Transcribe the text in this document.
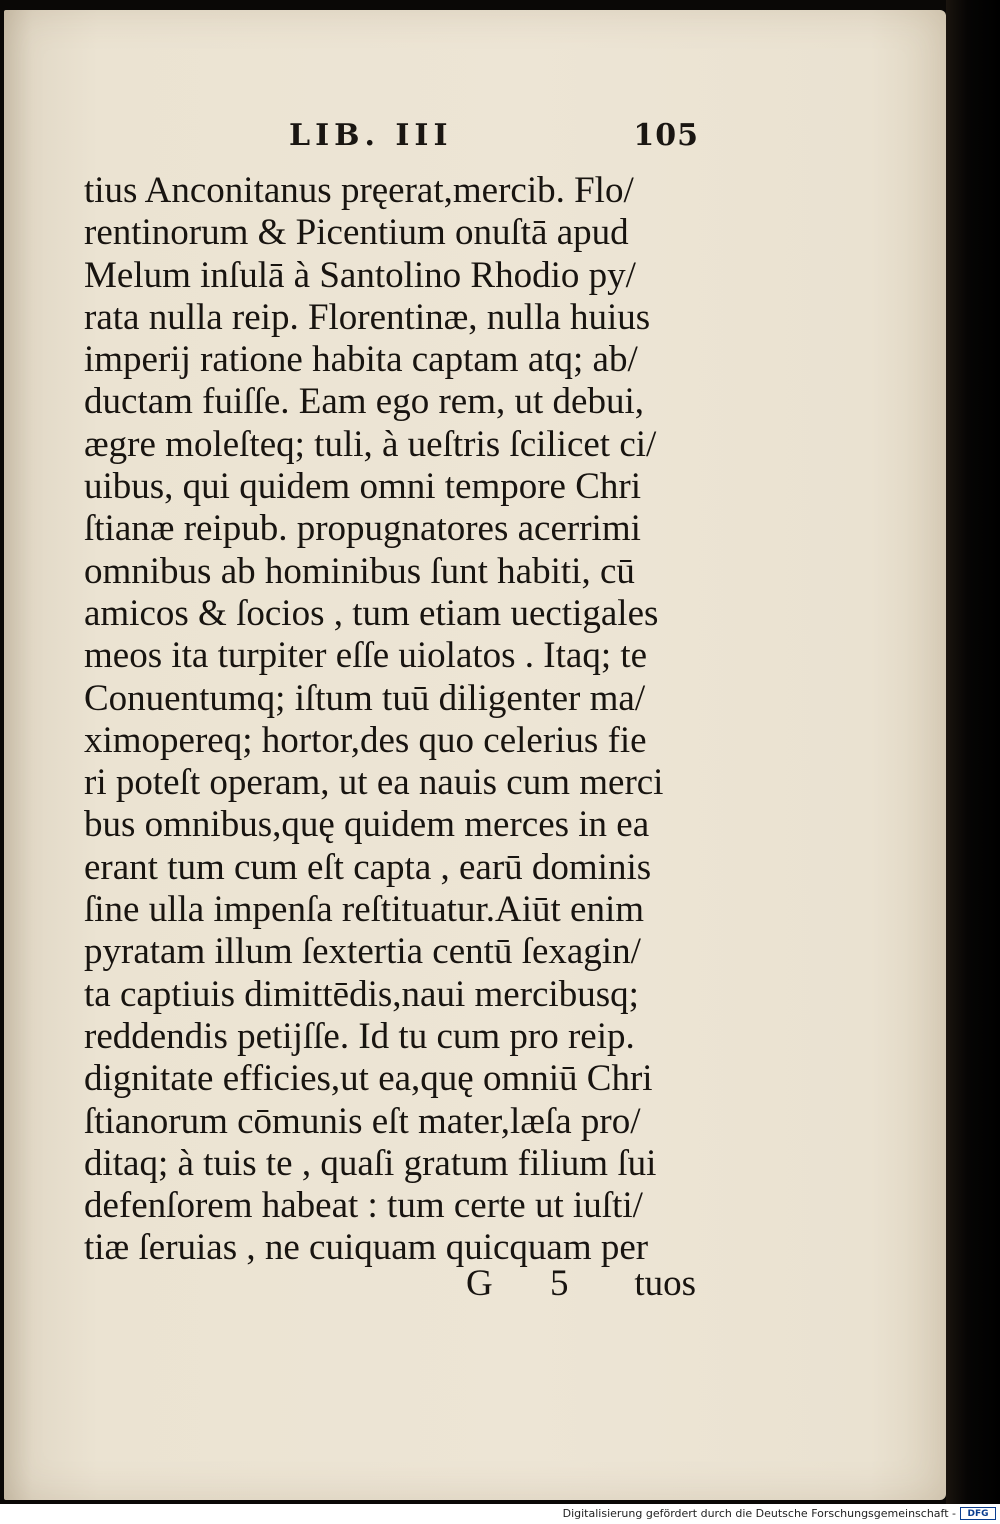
LIB. III	105
tius Anconitanus pręerat,mercib. Flo/
rentinorum & Picentium onuſtā apud
Melum inſulā à Santolino Rhodio py/
rata nulla reip. Florentinæ, nulla huius
imperij ratione habita captam atq; ab/
ductam fuiſſe. Eam ego rem, ut debui,
ægre moleſteq; tuli, à ueſtris ſcilicet ci/
uibus, qui quidem omni tempore Chri
ſtianæ reipub. propugnatores acerrimi
omnibus ab hominibus ſunt habiti, cū
amicos & ſocios , tum etiam uectigales
meos ita turpiter eſſe uiolatos . Itaq; te
Conuentumq; iſtum tuū diligenter ma/
ximopereq; hortor,des quo celerius fie
ri poteſt operam, ut ea nauis cum merci
bus omnibus,quę quidem merces in ea
erant tum cum eſt capta , earū dominis
ſine ulla impenſa reſtituatur.Aiūt enim
pyratam illum ſextertia centū ſexagin/
ta captiuis dimittēdis,naui mercibusq;
reddendis petijſſe. Id tu cum pro reip.
dignitate efficies,ut ea,quę omniū Chri
ſtianorum cōmunis eſt mater,læſa pro/
ditaq; à tuis te , quaſi gratum filium ſui
defenſorem habeat : tum certe ut iuſti/
tiæ ſeruias , ne cuiquam quicquam per
G 5 tuos
Digitalisierung gefördert durch die Deutsche Forschungsgemeinschaft -	DFG
